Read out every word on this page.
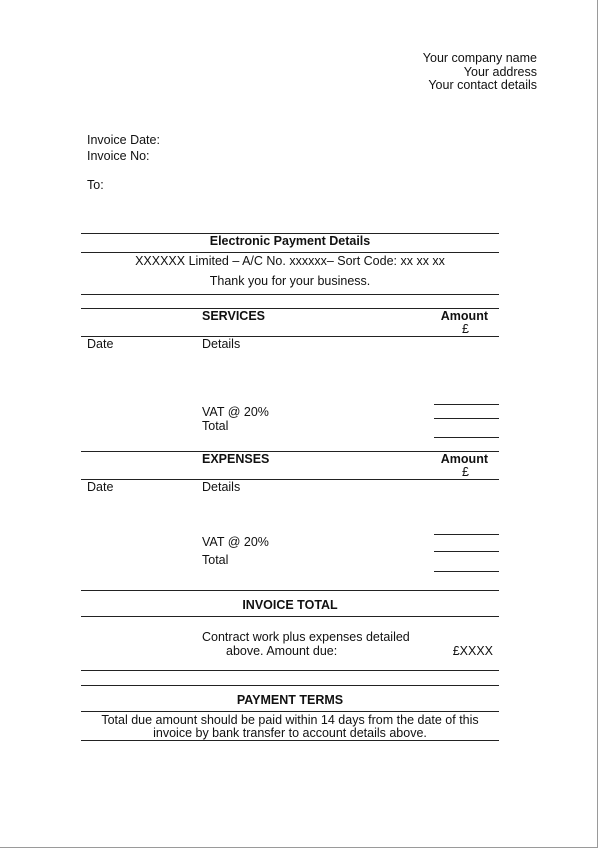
Your company name
Your address
Your contact details
Invoice Date:
Invoice No:
To:
Electronic Payment Details
XXXXXX Limited – A/C No. xxxxxx– Sort Code: xx xx xx
Thank you for your business.
SERVICES	Amount
£
Date	Details
VAT @ 20%
Total
EXPENSES	Amount
£
Date	Details
VAT @ 20%
Total
INVOICE TOTAL
Contract work plus expenses detailed
above. Amount due:	£XXXX
PAYMENT TERMS
Total due amount should be paid within 14 days from the date of this
invoice by bank transfer to account details above.
